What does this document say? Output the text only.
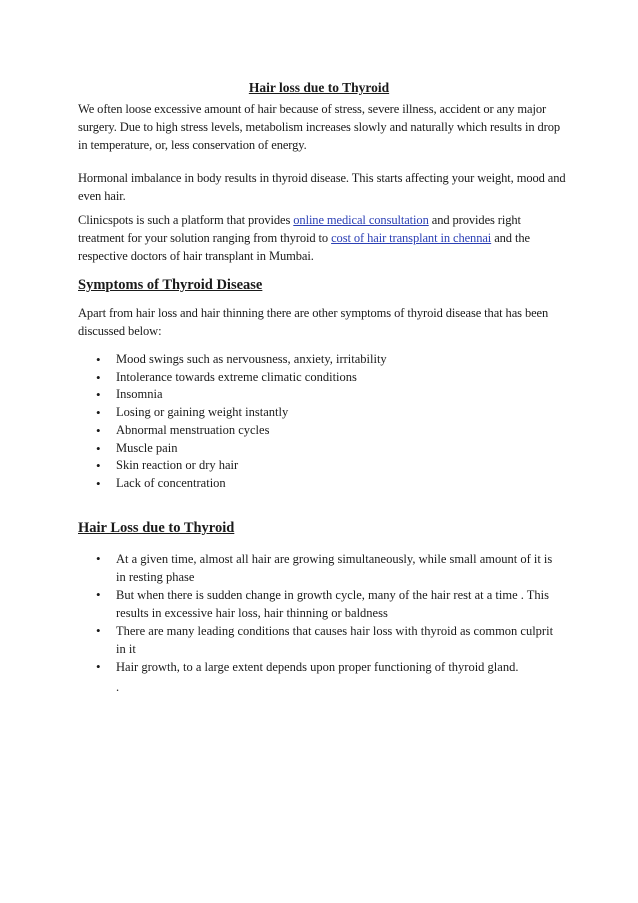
Hair loss due to Thyroid

We often loose excessive amount of hair because of stress, severe illness, accident or any major surgery. Due to high stress levels, metabolism increases slowly and naturally which results in drop in temperature, or, less conservation of energy.

Hormonal imbalance in body results in thyroid disease. This starts affecting your weight, mood and even hair.

Clinicspots is such a platform that provides online medical consultation and provides right treatment for your solution ranging from thyroid to cost of hair transplant in chennai and the respective doctors of hair transplant in Mumbai.

Symptoms of Thyroid Disease

Apart from hair loss and hair thinning there are other symptoms of thyroid disease that has been discussed below:

• Mood swings such as nervousness, anxiety, irritability
• Intolerance towards extreme climatic conditions
• Insomnia
• Losing or gaining weight instantly
• Abnormal menstruation cycles
• Muscle pain
• Skin reaction or dry hair
• Lack of concentration
Hair Loss due to Thyroid
• At a given time, almost all hair are growing simultaneously, while small amount of it is in resting phase
• But when there is sudden change in growth cycle, many of the hair rest at a time . This results in excessive hair loss, hair thinning or baldness
• There are many leading conditions that causes hair loss with thyroid as common culprit in it
• Hair growth, to a large extent depends upon proper functioning of thyroid gland.
.
